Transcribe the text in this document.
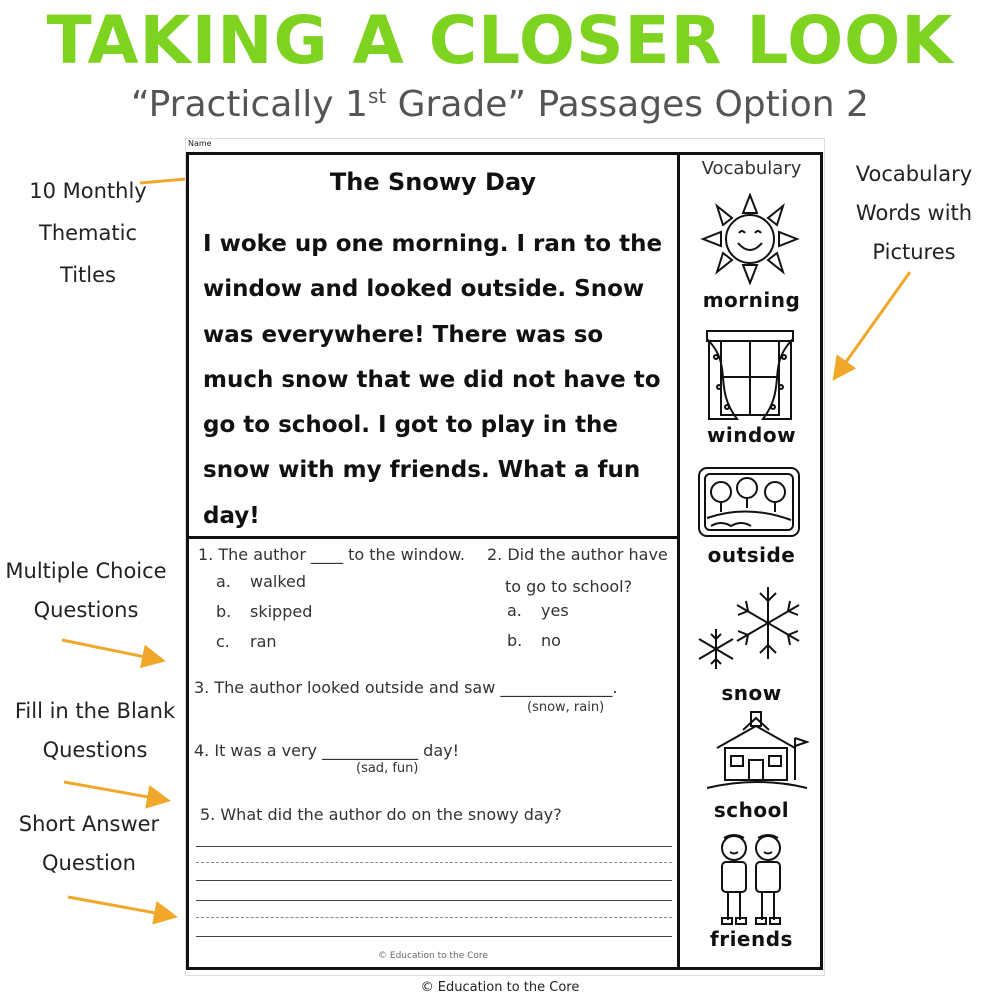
TAKING A CLOSER LOOK
“Practically 1st Grade” Passages Option 2
10 Monthly
Thematic
Titles
Multiple Choice
Questions
Fill in the Blank
Questions
Short Answer
Question
Vocabulary
Words with
Pictures
Name
The Snowy Day
I woke up one morning. I ran to the
window and looked outside. Snow
was everywhere! There was so
much snow that we did not have to
go to school. I got to play in the
snow with my friends. What a fun
day!
1. The author ____ to the window.
a. walked
b. skipped
c. ran
2. Did the author have
to go to school?
a. yes
b. no
3. The author looked outside and saw ______________.
(snow, rain)
4. It was a very ____________ day!
(sad, fun)
5. What did the author do on the snowy day?
© Education to the Core
Vocabulary
morning
window
outside
snow
school
friends
© Education to the Core
